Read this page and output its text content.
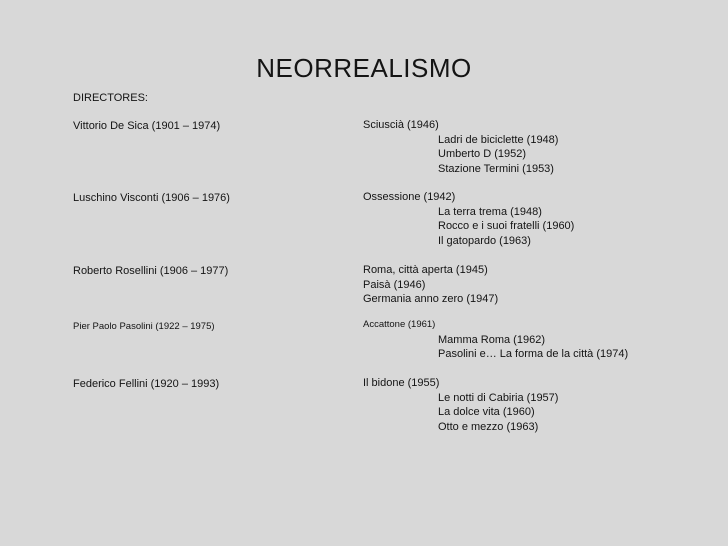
NEORREALISMO
DIRECTORES:
Vittorio De Sica (1901 – 1974)	Sciuscià (1946)
Ladri de biciclette (1948)
Umberto D (1952)
Stazione Termini (1953)
Luschino Visconti (1906 – 1976)	Ossessione (1942)
La terra trema (1948)
Rocco e i suoi fratelli (1960)
Il gatopardo (1963)
Roberto Rosellini (1906 – 1977)	Roma, città aperta (1945)
Paisà (1946)
Germania anno zero (1947)
Pier Paolo Pasolini (1922 – 1975)	Accattone (1961)
Mamma Roma (1962)
Pasolini e… La forma de la città (1974)
Federico Fellini (1920 – 1993)	Il bidone (1955)
Le notti di Cabiria (1957)
La dolce vita (1960)
Otto e mezzo (1963)
